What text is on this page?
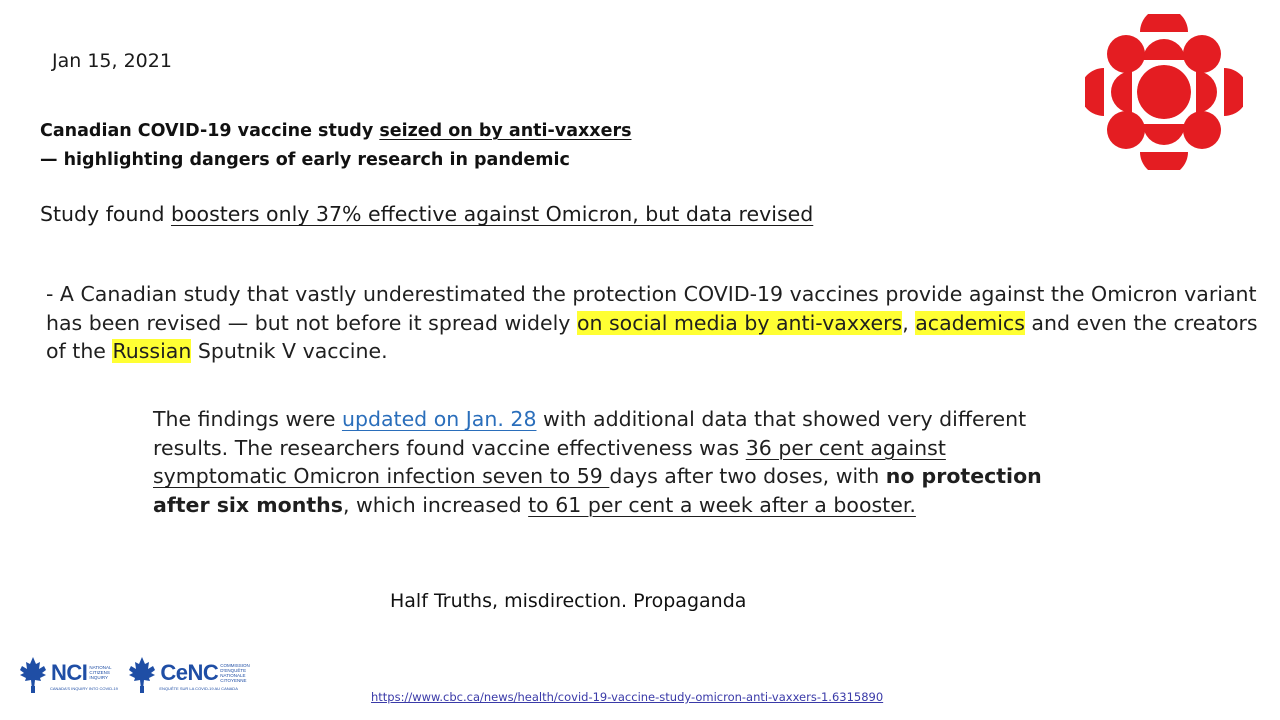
Jan 15, 2021
Canadian COVID-19 vaccine study seized on by anti-vaxxers
— highlighting dangers of early research in pandemic
Study found boosters only 37% effective against Omicron, but data revised
- A Canadian study that vastly underestimated the protection COVID-19 vaccines provide against the Omicron variant has been revised — but not before it spread widely on social media by anti-vaxxers, academics and even the creators of the Russian Sputnik V vaccine.
The findings were updated on Jan. 28 with additional data that showed very different results. The researchers found vaccine effectiveness was 36 per cent against symptomatic Omicron infection seven to 59 days after two doses, with no protection after six months, which increased to 61 per cent a week after a booster.
Half Truths, misdirection. Propaganda
https://www.cbc.ca/news/health/covid-19-vaccine-study-omicron-anti-vaxxers-1.6315890
NCI NATIONAL CITIZENS INQUIRY
CANADA'S INQUIRY INTO COVID-19
CeNC COMMISSION D'ENQUÊTE NATIONALE CITOYENNE
ENQUÊTE SUR LA COVID-19 AU CANADA
